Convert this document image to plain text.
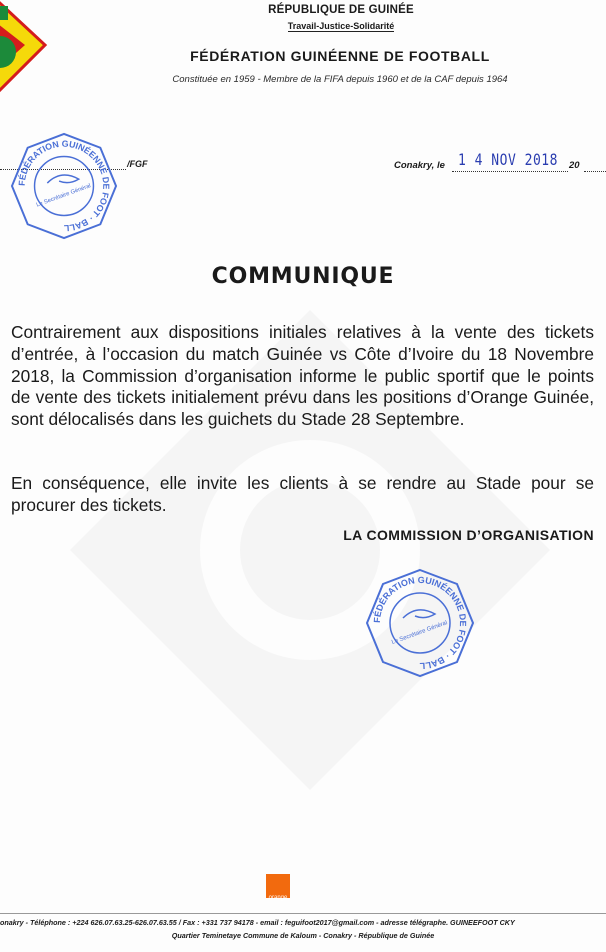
RÉPUBLIQUE DE GUINÉE
Travail-Justice-Solidarité
FÉDÉRATION GUINÉENNE DE FOOTBALL
Constituée en 1959 - Membre de la FIFA depuis 1960 et de la CAF depuis 1964
/FGF	Conakry, le 1 4 NOV 2018 20
FÉDÉRATION GUINÉENNE DE FOOT · BALL
Le Secrétaire Général
COMMUNIQUE
Contrairement aux dispositions initiales relatives à la vente des tickets d’entrée, à l’occasion du match Guinée vs Côte d’Ivoire du 18 Novembre 2018, la Commission d’organisation informe le public sportif que le points de vente des tickets initialement prévu dans les positions d’Orange Guinée, sont délocalisés dans les guichets du Stade 28 Septembre.
En conséquence, elle invite les clients à se rendre au Stade pour se procurer des tickets.
LA COMMISSION D’ORGANISATION
FÉDÉRATION GUINÉENNE DE FOOT · BALL
Le Secrétaire Général
orange
onakry - Téléphone : +224 626.07.63.25-626.07.63.55 / Fax : +331 737 94178 - email : feguifoot2017@gmail.com - adresse télégraphe. GUINEEFOOT CKY
Quartier Teminetaye Commune de Kaloum - Conakry - République de Guinée
